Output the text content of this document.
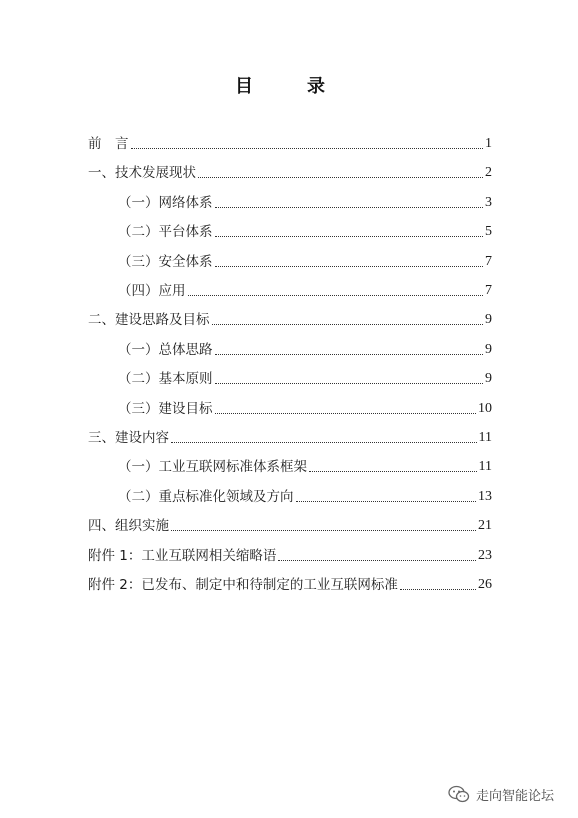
目　录
前　言	1
一、技术发展现状	2
（一）网络体系	3
（二）平台体系	5
（三）安全体系	7
（四）应用	7
二、建设思路及目标	9
（一）总体思路	9
（二）基本原则	9
（三）建设目标	10
三、建设内容	11
（一）工业互联网标准体系框架	11
（二）重点标准化领域及方向	13
四、组织实施	21
附件 1：工业互联网相关缩略语	23
附件 2：已发布、制定中和待制定的工业互联网标准	26
走向智能论坛
